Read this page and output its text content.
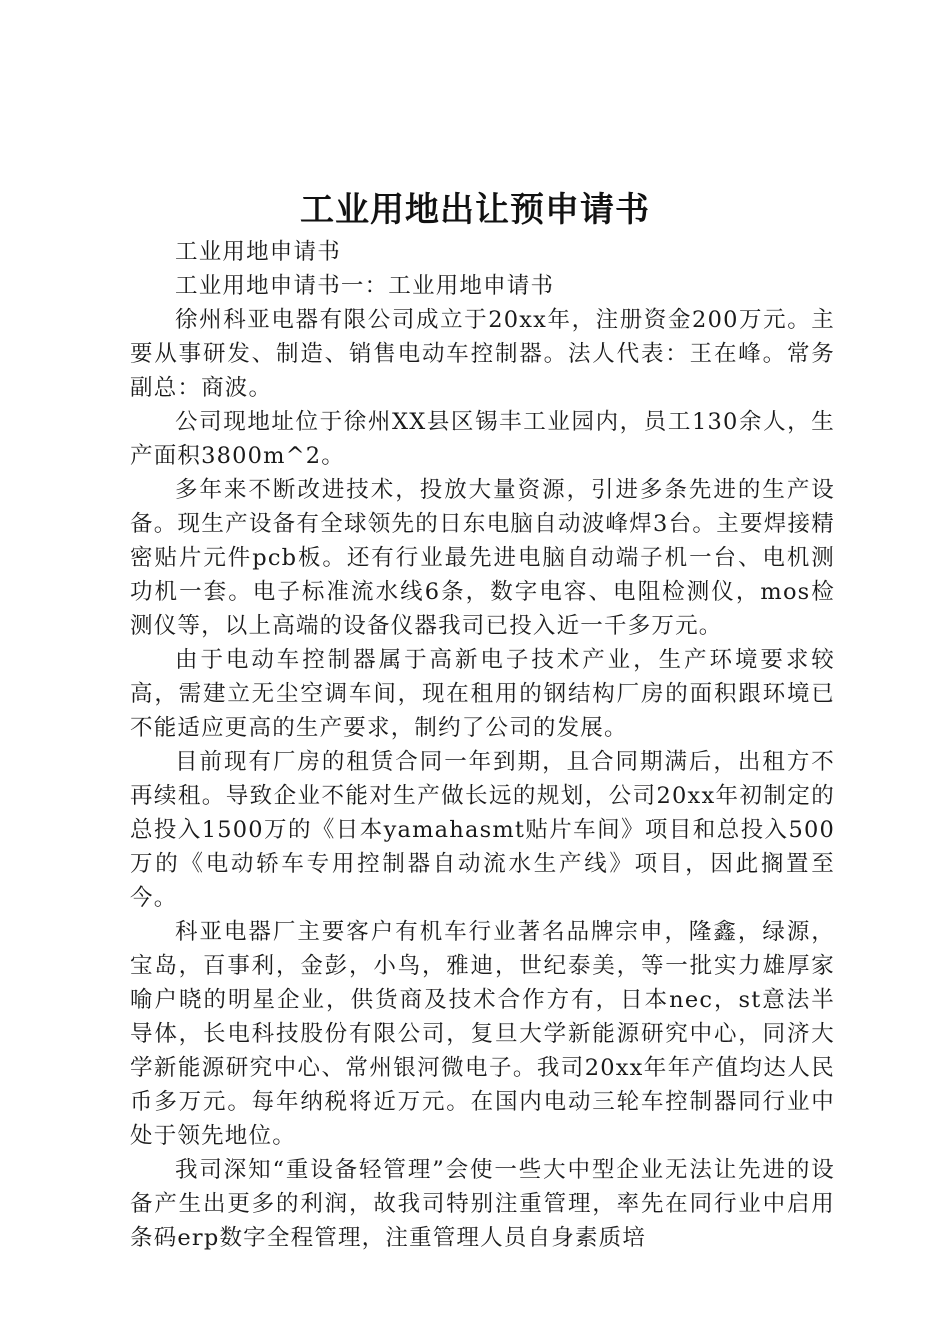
工业用地出让预申请书

工业用地申请书

工业用地申请书一：工业用地申请书

徐州科亚电器有限公司成立于20xx年，注册资金200万元。主要从事研发、制造、销售电动车控制器。法人代表：王在峰。常务副总：商波。

公司现地址位于徐州XX县区锡丰工业园内，员工130余人，生产面积3800m^2。

多年来不断改进技术，投放大量资源，引进多条先进的生产设备。现生产设备有全球领先的日东电脑自动波峰焊3台。主要焊接精密贴片元件pcb板。还有行业最先进电脑自动端子机一台、电机测功机一套。电子标准流水线6条，数字电容、电阻检测仪，mos检测仪等，以上高端的设备仪器我司已投入近一千多万元。

由于电动车控制器属于高新电子技术产业，生产环境要求较高，需建立无尘空调车间，现在租用的钢结构厂房的面积跟环境已不能适应更高的生产要求，制约了公司的发展。

目前现有厂房的租赁合同一年到期，且合同期满后，出租方不再续租。导致企业不能对生产做长远的规划，公司20xx年初制定的总投入1500万的《日本yamahasmt贴片车间》项目和总投入500万的《电动轿车专用控制器自动流水生产线》项目，因此搁置至今。

科亚电器厂主要客户有机车行业著名品牌宗申，隆鑫，绿源，宝岛，百事利，金彭，小鸟，雅迪，世纪泰美，等一批实力雄厚家喻户晓的明星企业，供货商及技术合作方有，日本nec，st意法半导体，长电科技股份有限公司，复旦大学新能源研究中心，同济大学新能源研究中心、常州银河微电子。我司20xx年年产值均达人民币多万元。每年纳税将近万元。在国内电动三轮车控制器同行业中处于领先地位。

我司深知“重设备轻管理”会使一些大中型企业无法让先进的设备产生出更多的利润，故我司特别注重管理，率先在同行业中启用条码erp数字全程管理，注重管理人员自身素质培
